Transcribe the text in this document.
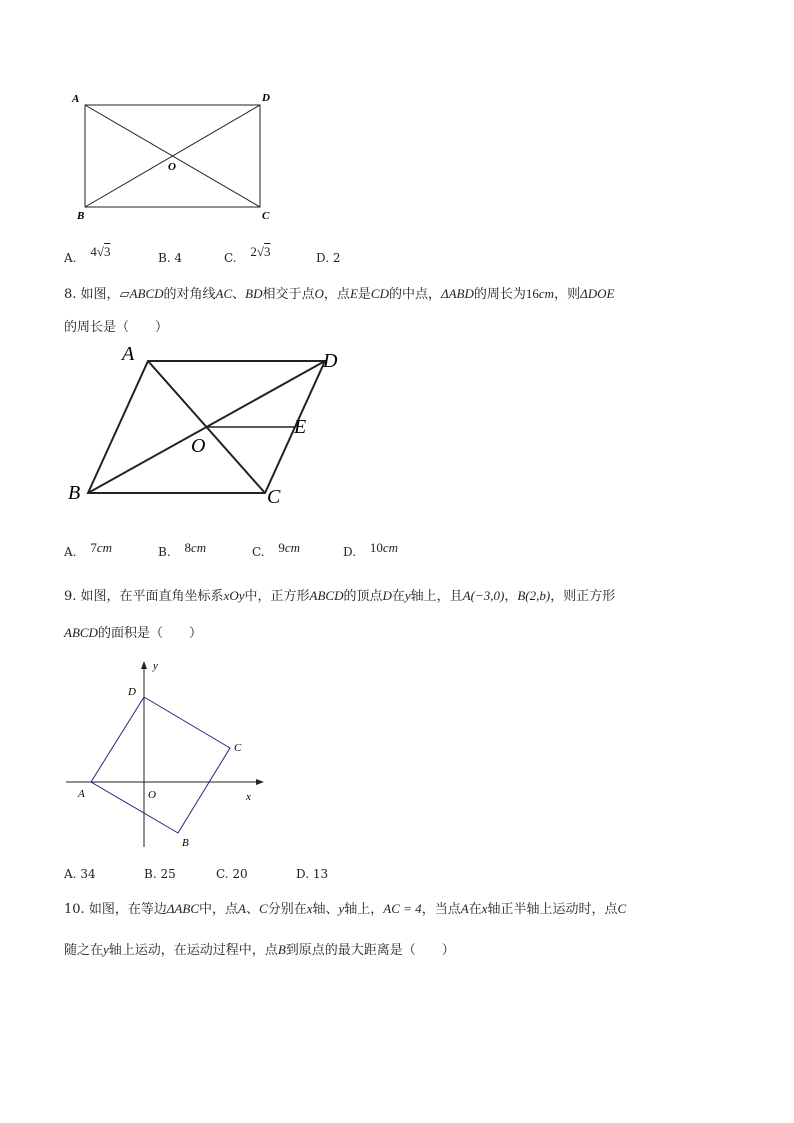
A	D
B	C
O
A. 4√3	B. 4	C. 2√3	D. 2
8. 如图，▱ABCD的对角线AC、BD相交于点O，点E是CD的中点，ΔABD的周长为16cm，则ΔDOE
的周长是（　　）
A	D
E
O
B	C
A. 7cm	B. 8cm	C. 9cm	D. 10cm
9. 如图，在平面直角坐标系xOy中，正方形ABCD的顶点D在y轴上，且A(−3,0)，B(2,b)，则正方形
ABCD的面积是（　　）
y
x
D
C
A	O
B
A. 34	B. 25	C. 20	D. 13
10. 如图，在等边ΔABC中，点A、C分别在x轴、y轴上，AC = 4，当点A在x轴正半轴上运动时，点C
随之在y轴上运动，在运动过程中，点B到原点的最大距离是（　　）
